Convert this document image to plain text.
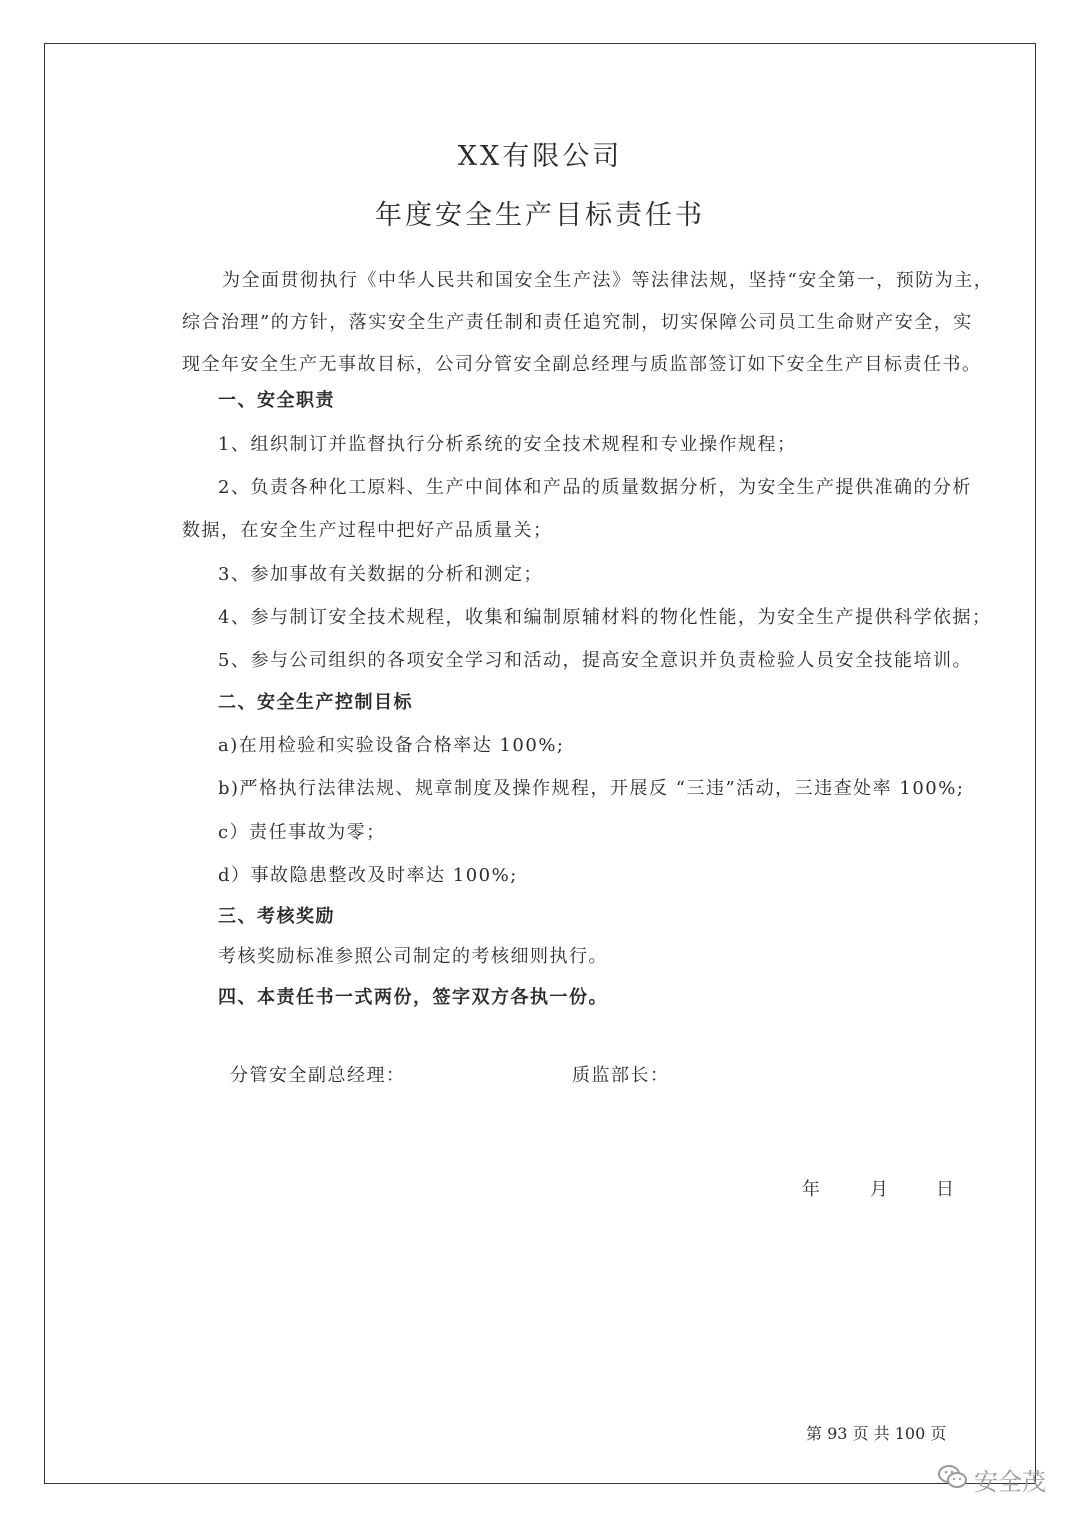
XX有限公司
年度安全生产目标责任书
为全面贯彻执行《中华人民共和国安全生产法》等法律法规，坚持“安全第一，预防为主，
综合治理”的方针，落实安全生产责任制和责任追究制，切实保障公司员工生命财产安全，实
现全年安全生产无事故目标，公司分管安全副总经理与质监部签订如下安全生产目标责任书。
一、安全职责
1、组织制订并监督执行分析系统的安全技术规程和专业操作规程；
2、负责各种化工原料、生产中间体和产品的质量数据分析，为安全生产提供准确的分析
数据，在安全生产过程中把好产品质量关；
3、参加事故有关数据的分析和测定；
4、参与制订安全技术规程，收集和编制原辅材料的物化性能，为安全生产提供科学依据；
5、参与公司组织的各项安全学习和活动，提高安全意识并负责检验人员安全技能培训。
二、安全生产控制目标
a)在用检验和实验设备合格率达 100%;
b)严格执行法律法规、规章制度及操作规程，开展反 “三违”活动，三违查处率 100%;
c）责任事故为零；
d）事故隐患整改及时率达 100%;
三、考核奖励
考核奖励标准参照公司制定的考核细则执行。
四、本责任书一式两份，签字双方各执一份。
分管安全副总经理：	质监部长：
年	月	日
第 93 页 共 100 页
安全茂
